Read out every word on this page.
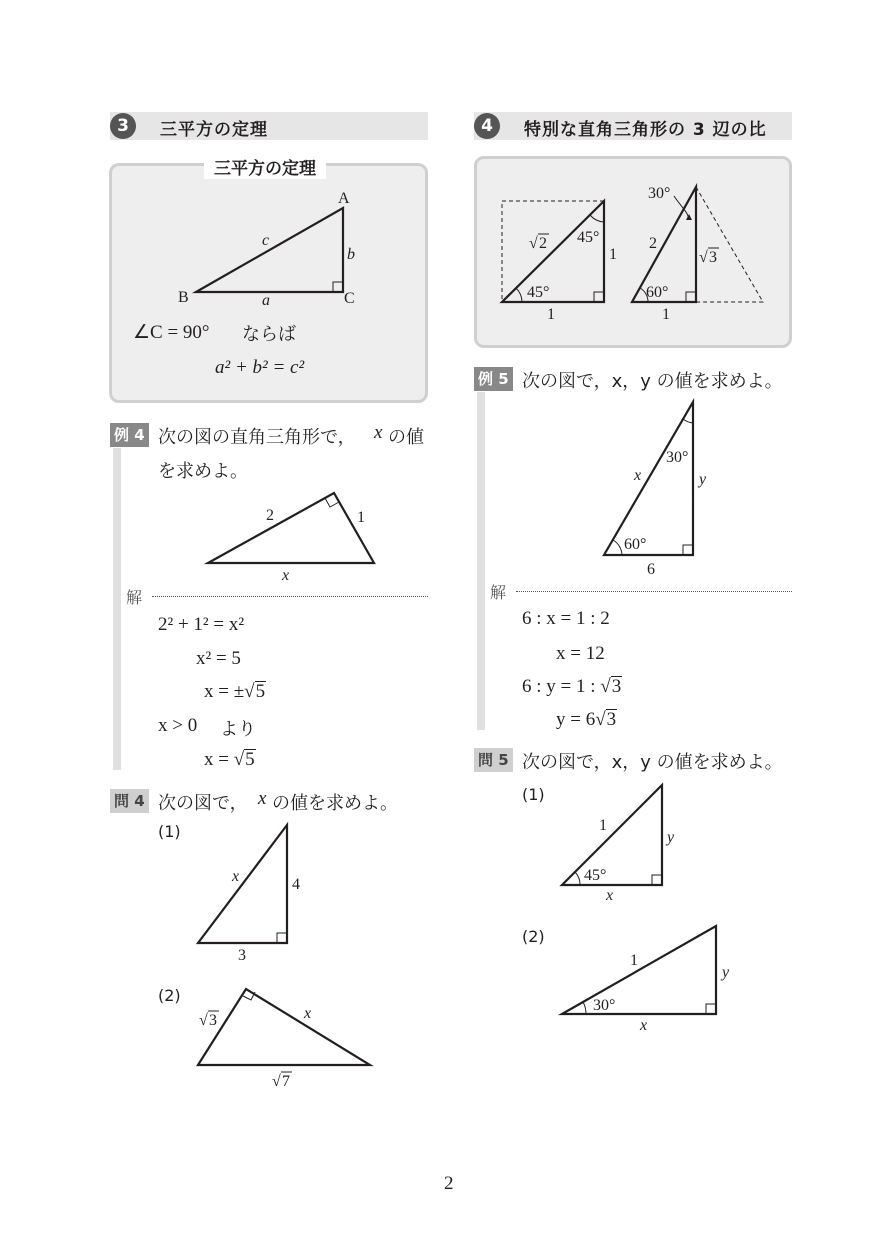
3	三平方の定理
三平方の定理
A
B	C
a
b
c
∠C = 90° ならば
a² + b² = c²
例 4 次の図の直角三角形で， x の値
を求めよ。
2	1
x
解
2² + 1² = x²
x² = 5
x = ±√5
x > 0 より
x = √5
問 4 次の図で， x の値を求めよ。
(1)
x	4
3
(2)
√ 3	x
√ 7
4	特別な直角三角形の 3 辺の比
√ 2 45°
1
45°
1
30°
2
√ 3
60°
1
例 5 次の図で，x，y の値を求めよ。
30°
x	y
60°
6
解
6 : x = 1 : 2
x = 12
6 : y = 1 : √3
y = 6√3
問 5 次の図で，x，y の値を求めよ。
(1)
1
y
45°
x
(2)
1
y
30°
x
2
